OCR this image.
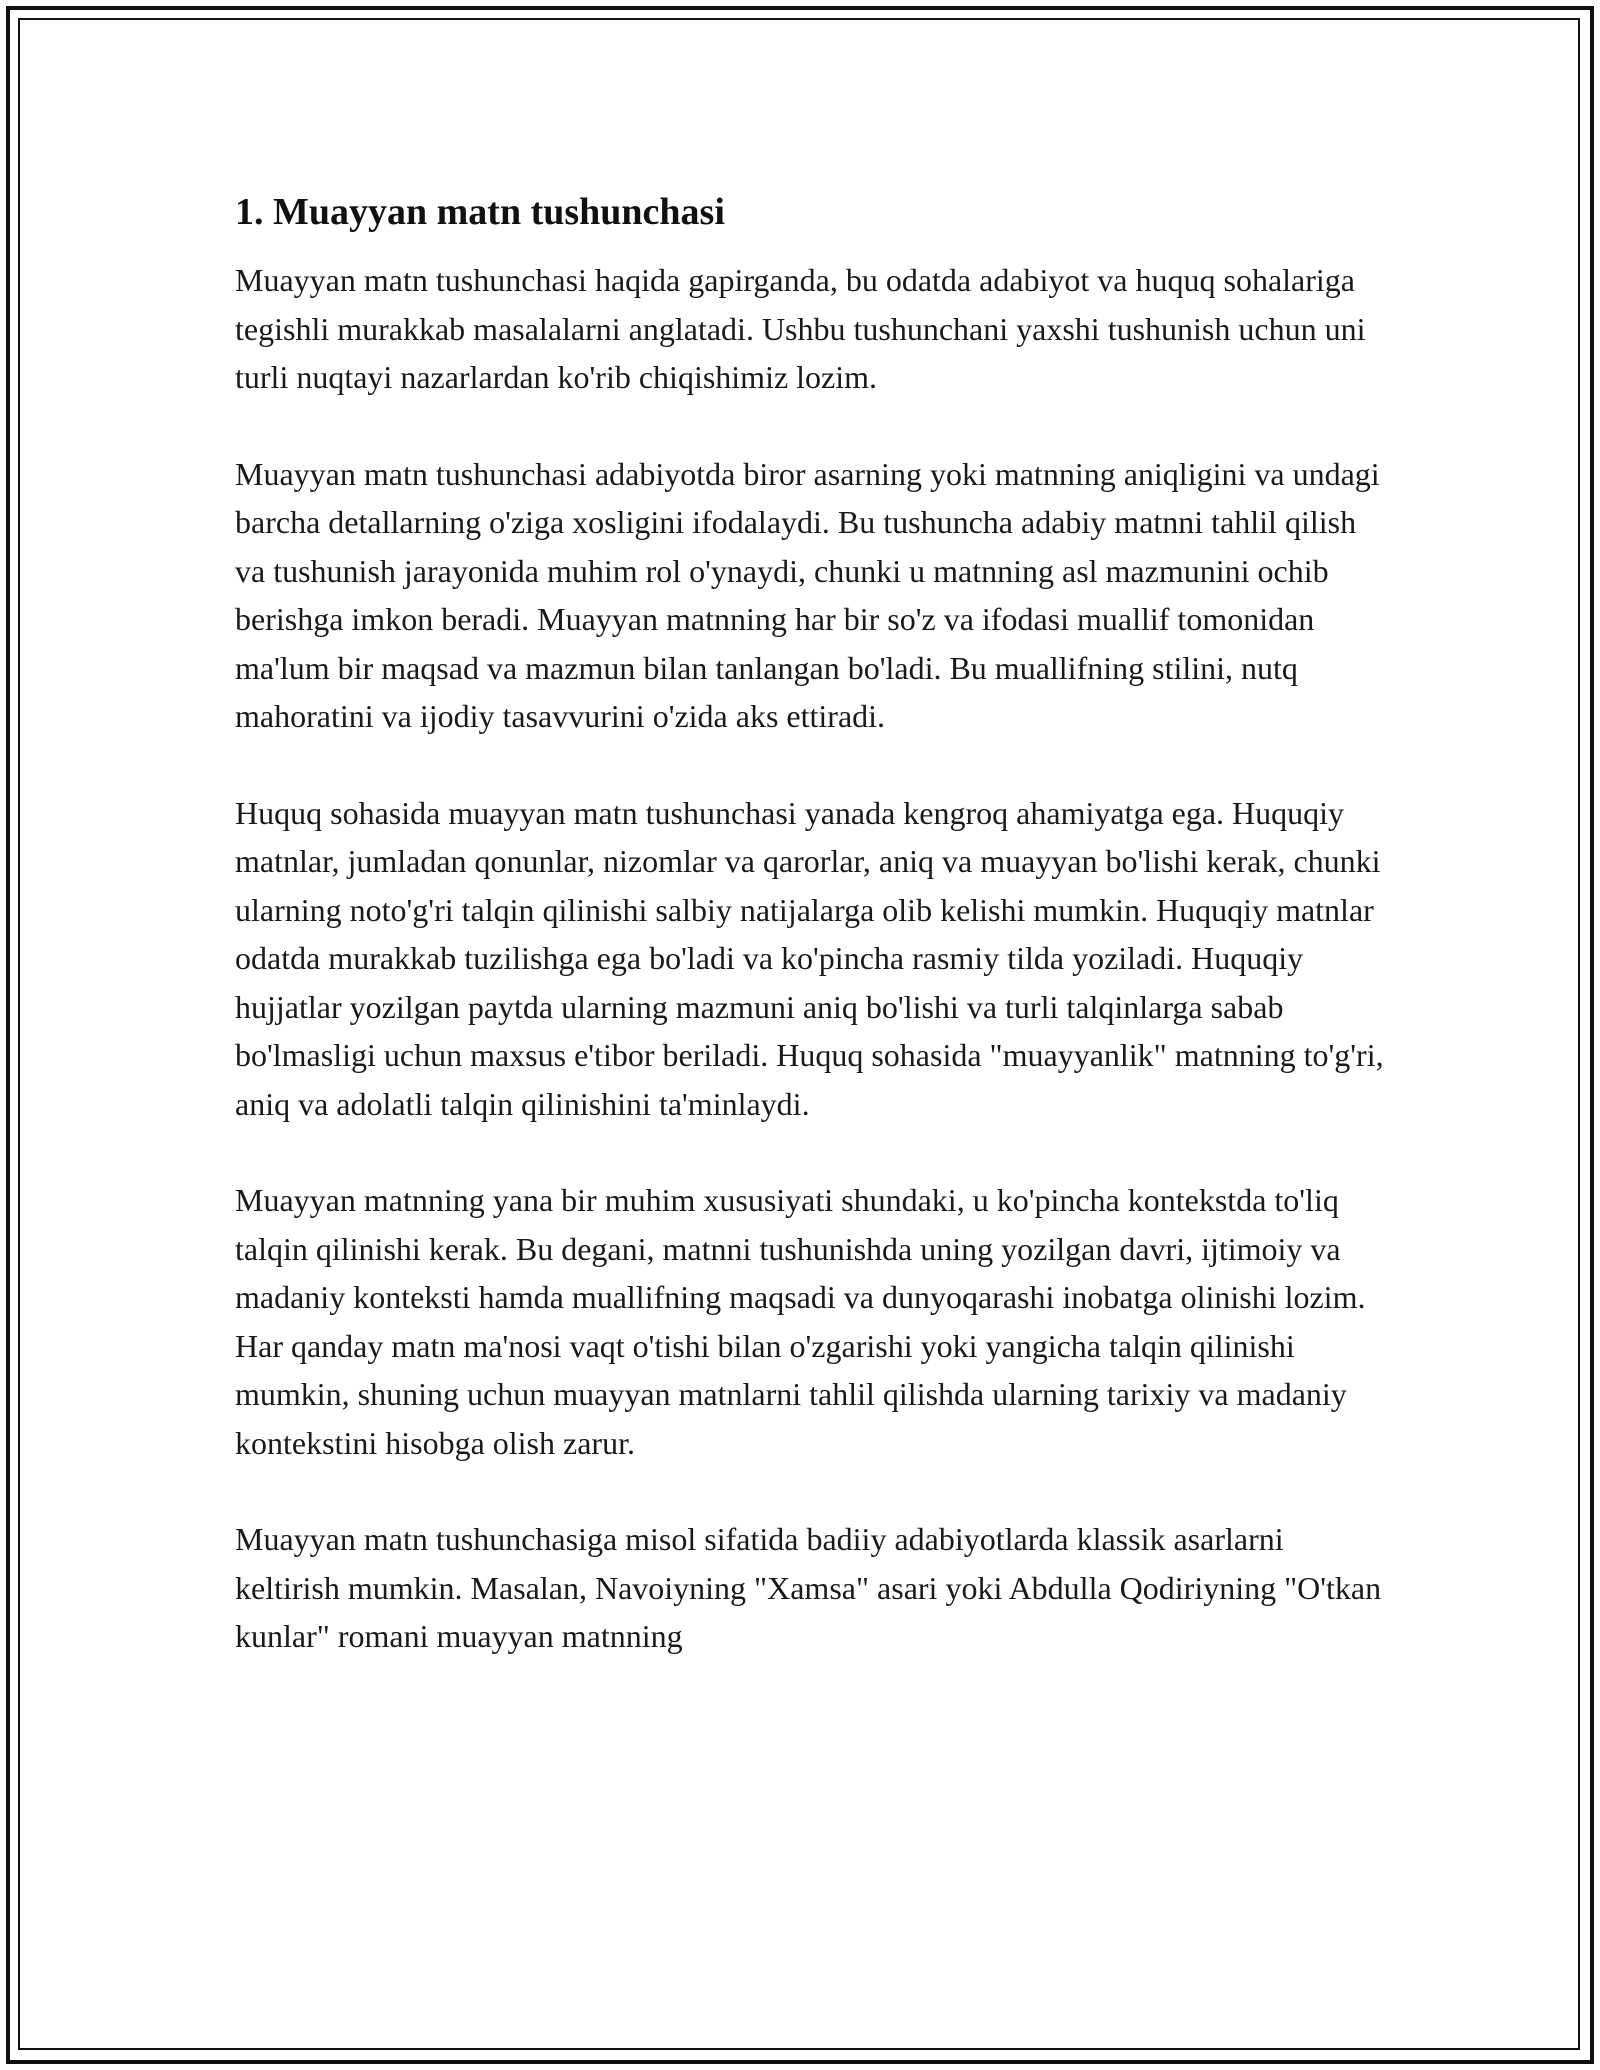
1. Muayyan matn tushunchasi

Muayyan matn tushunchasi haqida gapirganda, bu odatda adabiyot va huquq sohalariga tegishli murakkab masalalarni anglatadi. Ushbu tushunchani yaxshi tushunish uchun uni turli nuqtayi nazarlardan ko'rib chiqishimiz lozim.

Muayyan matn tushunchasi adabiyotda biror asarning yoki matnning aniqligini va undagi barcha detallarning o'ziga xosligini ifodalaydi. Bu tushuncha adabiy matnni tahlil qilish va tushunish jarayonida muhim rol o'ynaydi, chunki u matnning asl mazmunini ochib berishga imkon beradi. Muayyan matnning har bir so'z va ifodasi muallif tomonidan ma'lum bir maqsad va mazmun bilan tanlangan bo'ladi. Bu muallifning stilini, nutq mahoratini va ijodiy tasavvurini o'zida aks ettiradi.

Huquq sohasida muayyan matn tushunchasi yanada kengroq ahamiyatga ega. Huquqiy matnlar, jumladan qonunlar, nizomlar va qarorlar, aniq va muayyan bo'lishi kerak, chunki ularning noto'g'ri talqin qilinishi salbiy natijalarga olib kelishi mumkin. Huquqiy matnlar odatda murakkab tuzilishga ega bo'ladi va ko'pincha rasmiy tilda yoziladi. Huquqiy hujjatlar yozilgan paytda ularning mazmuni aniq bo'lishi va turli talqinlarga sabab bo'lmasligi uchun maxsus e'tibor beriladi. Huquq sohasida "muayyanlik" matnning to'g'ri, aniq va adolatli talqin qilinishini ta'minlaydi.

Muayyan matnning yana bir muhim xususiyati shundaki, u ko'pincha kontekstda to'liq talqin qilinishi kerak. Bu degani, matnni tushunishda uning yozilgan davri, ijtimoiy va madaniy konteksti hamda muallifning maqsadi va dunyoqarashi inobatga olinishi lozim. Har qanday matn ma'nosi vaqt o'tishi bilan o'zgarishi yoki yangicha talqin qilinishi mumkin, shuning uchun muayyan matnlarni tahlil qilishda ularning tarixiy va madaniy kontekstini hisobga olish zarur.

Muayyan matn tushunchasiga misol sifatida badiiy adabiyotlarda klassik asarlarni keltirish mumkin. Masalan, Navoiyning "Xamsa" asari yoki Abdulla Qodiriyning "O'tkan kunlar" romani muayyan matnning
